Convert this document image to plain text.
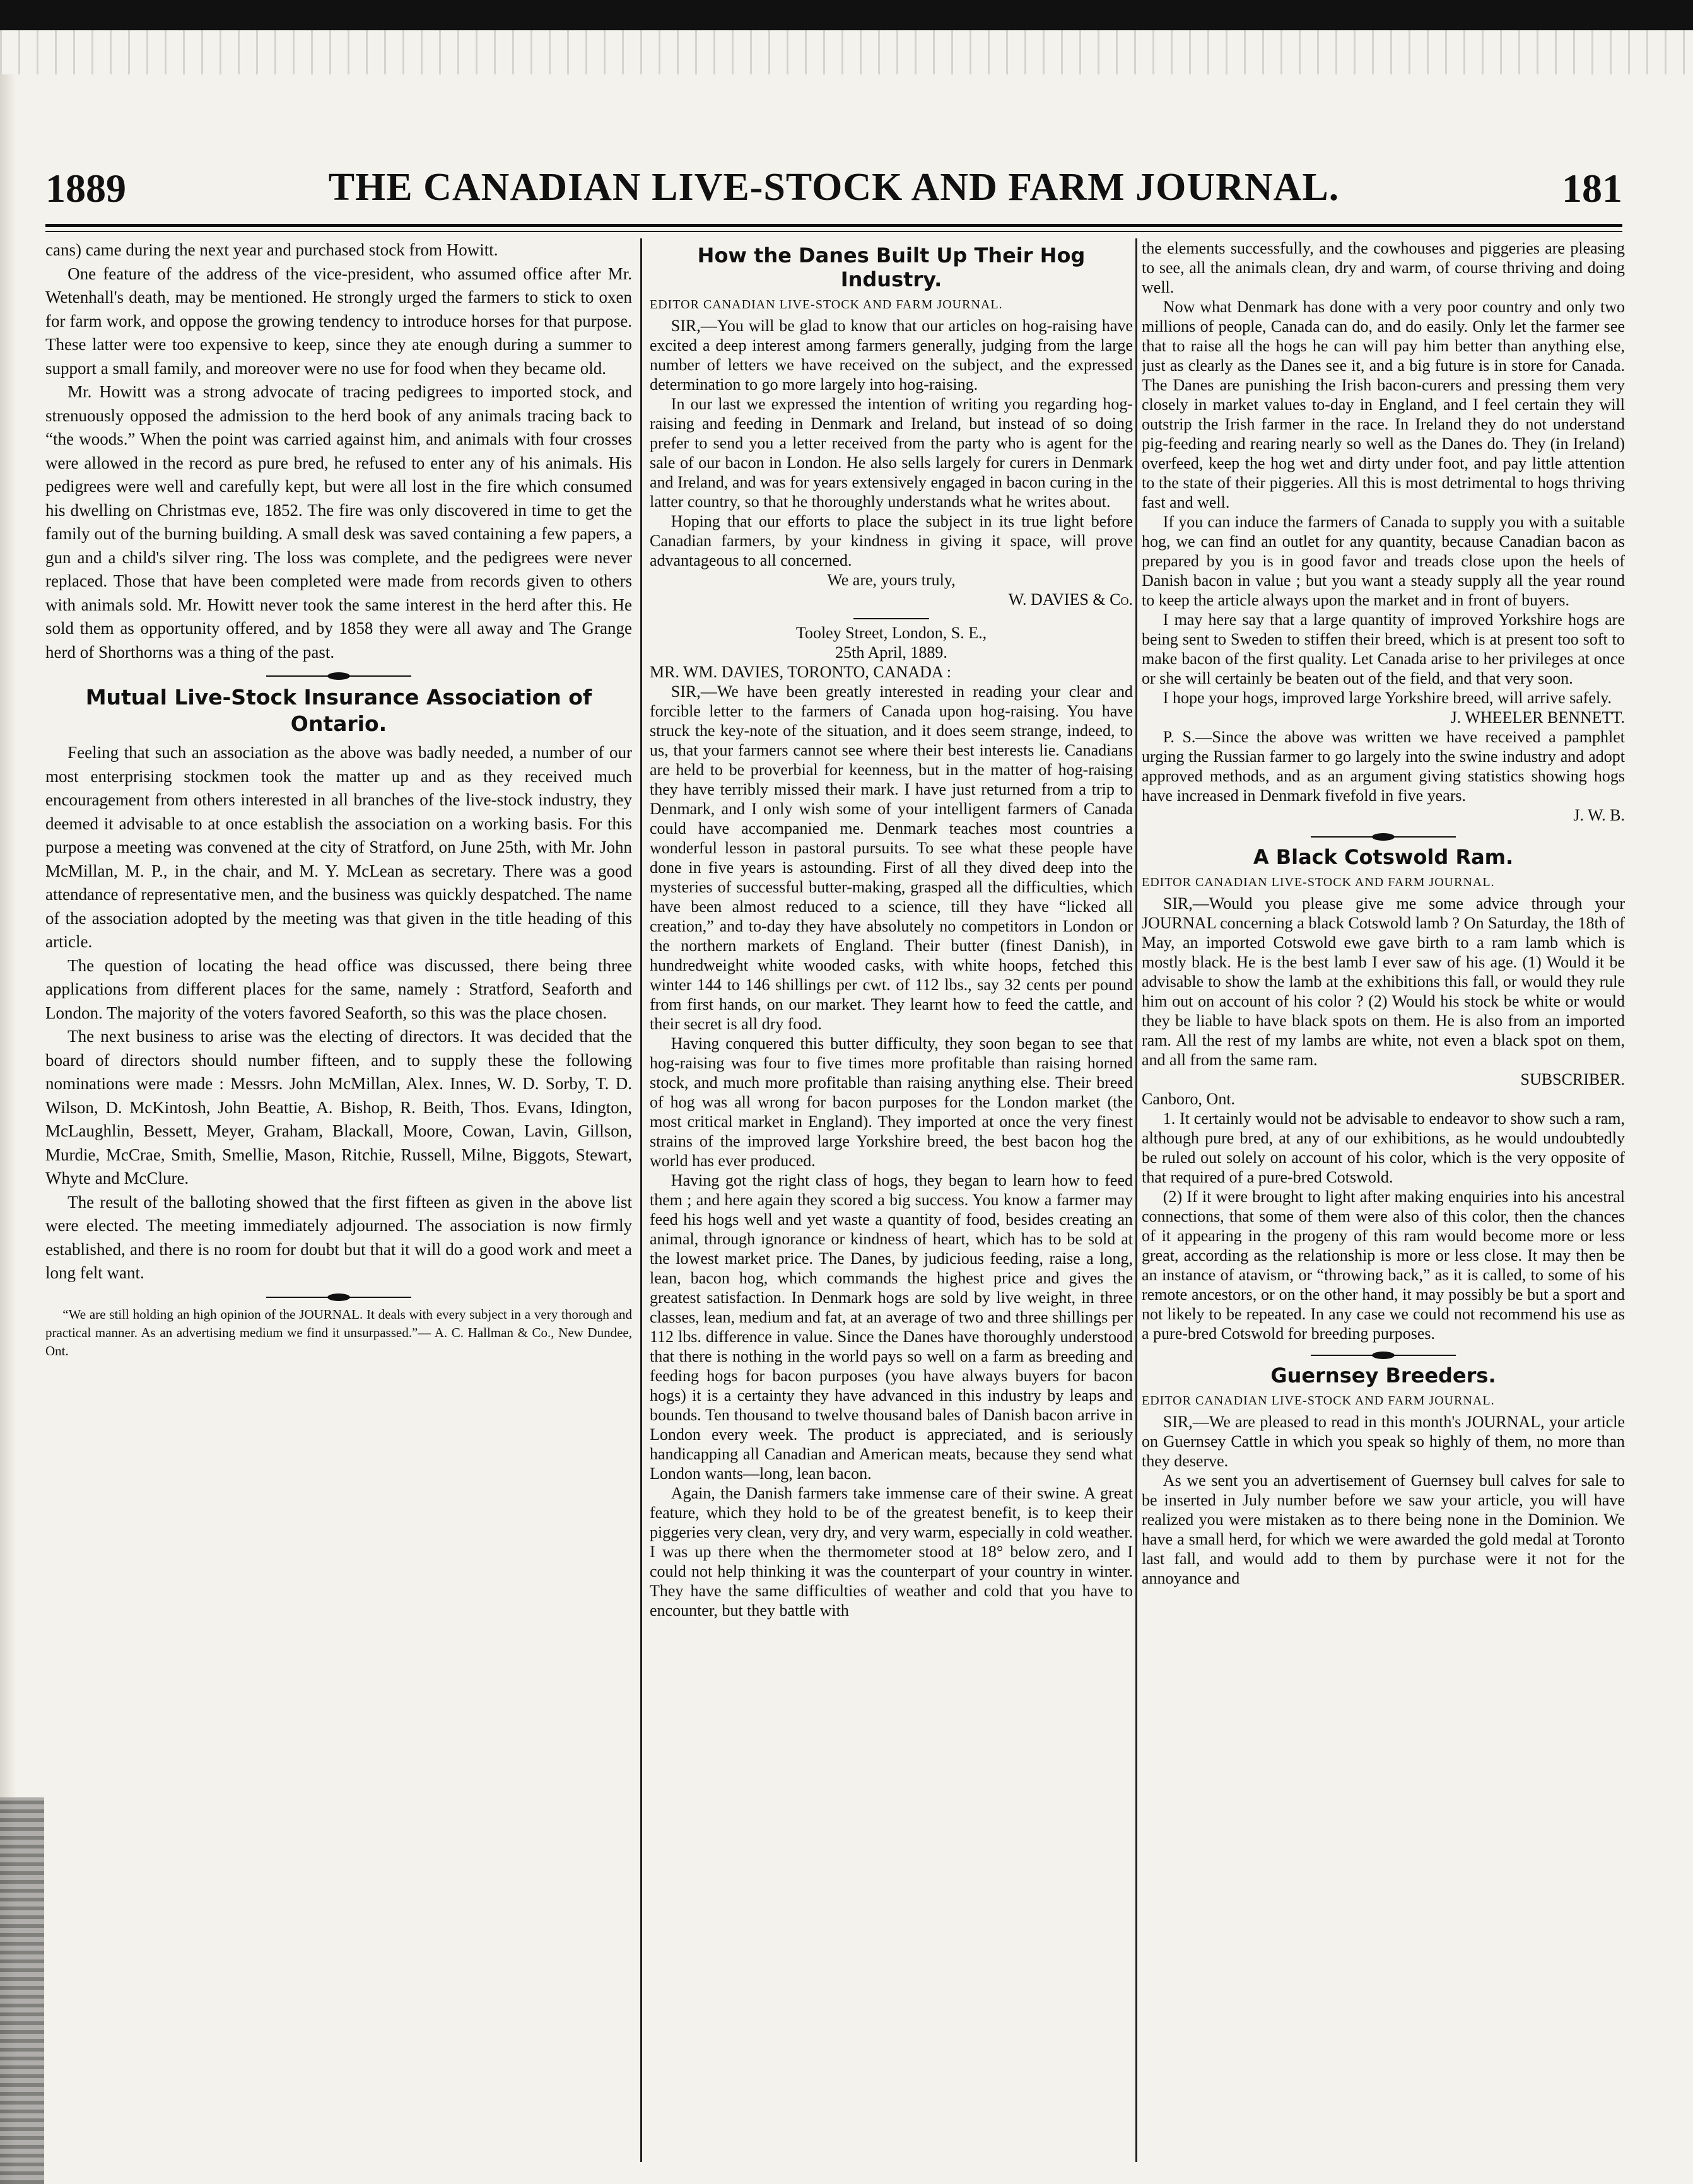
1889	THE CANADIAN LIVE-STOCK AND FARM JOURNAL.	181

cans) came during the next year and purchased stock from Howitt.

One feature of the address of the vice-president, who assumed office after Mr. Wetenhall's death, may be mentioned. He strongly urged the farmers to stick to oxen for farm work, and oppose the growing tendency to introduce horses for that purpose. These latter were too expensive to keep, since they ate enough during a summer to support a small family, and moreover were no use for food when they became old.

Mr. Howitt was a strong advocate of tracing pedigrees to imported stock, and strenuously opposed the admission to the herd book of any animals tracing back to “the woods.” When the point was carried against him, and animals with four crosses were allowed in the record as pure bred, he refused to enter any of his animals. His pedigrees were well and carefully kept, but were all lost in the fire which consumed his dwelling on Christmas eve, 1852. The fire was only discovered in time to get the family out of the burning building. A small desk was saved containing a few papers, a gun and a child's silver ring. The loss was complete, and the pedigrees were never replaced. Those that have been completed were made from records given to others with animals sold. Mr. Howitt never took the same interest in the herd after this. He sold them as opportunity offered, and by 1858 they were all away and The Grange herd of Shorthorns was a thing of the past.

Mutual Live-Stock Insurance Association of Ontario.

Feeling that such an association as the above was badly needed, a number of our most enterprising stockmen took the matter up and as they received much encouragement from others interested in all branches of the live-stock industry, they deemed it advisable to at once establish the association on a working basis. For this purpose a meeting was convened at the city of Stratford, on June 25th, with Mr. John McMillan, M. P., in the chair, and M. Y. McLean as secretary. There was a good attendance of representative men, and the business was quickly despatched. The name of the association adopted by the meeting was that given in the title heading of this article.

The question of locating the head office was discussed, there being three applications from different places for the same, namely : Stratford, Seaforth and London. The majority of the voters favored Seaforth, so this was the place chosen.

The next business to arise was the electing of directors. It was decided that the board of directors should number fifteen, and to supply these the following nominations were made : Messrs. John McMillan, Alex. Innes, W. D. Sorby, T. D. Wilson, D. McKintosh, John Beattie, A. Bishop, R. Beith, Thos. Evans, Idington, McLaughlin, Bessett, Meyer, Graham, Blackall, Moore, Cowan, Lavin, Gillson, Murdie, McCrae, Smith, Smellie, Mason, Ritchie, Russell, Milne, Biggots, Stewart, Whyte and McClure.

The result of the balloting showed that the first fifteen as given in the above list were elected. The meeting immediately adjourned. The association is now firmly established, and there is no room for doubt but that it will do a good work and meet a long felt want.

“We are still holding an high opinion of the JOURNAL. It deals with every subject in a very thorough and practical manner. As an advertising medium we find it unsurpassed.”— A. C. Hallman & Co., New Dundee, Ont.

How the Danes Built Up Their Hog Industry.

EDITOR CANADIAN LIVE-STOCK AND FARM JOURNAL.

SIR,—You will be glad to know that our articles on hog-raising have excited a deep interest among farmers generally, judging from the large number of letters we have received on the subject, and the expressed determination to go more largely into hog-raising.

In our last we expressed the intention of writing you regarding hog-raising and feeding in Denmark and Ireland, but instead of so doing prefer to send you a letter received from the party who is agent for the sale of our bacon in London. He also sells largely for curers in Denmark and Ireland, and was for years extensively engaged in bacon curing in the latter country, so that he thoroughly understands what he writes about.

Hoping that our efforts to place the subject in its true light before Canadian farmers, by your kindness in giving it space, will prove advantageous to all concerned.

We are, yours truly,

W. DAVIES & Co.

Tooley Street, London, S. E.,

25th April, 1889.

MR. WM. DAVIES, TORONTO, CANADA :

SIR,—We have been greatly interested in reading your clear and forcible letter to the farmers of Canada upon hog-raising. You have struck the key-note of the situation, and it does seem strange, indeed, to us, that your farmers cannot see where their best interests lie. Canadians are held to be proverbial for keenness, but in the matter of hog-raising they have terribly missed their mark. I have just returned from a trip to Denmark, and I only wish some of your intelligent farmers of Canada could have accompanied me. Denmark teaches most countries a wonderful lesson in pastoral pursuits. To see what these people have done in five years is astounding. First of all they dived deep into the mysteries of successful butter-making, grasped all the difficulties, which have been almost reduced to a science, till they have “licked all creation,” and to-day they have absolutely no competitors in London or the northern markets of England. Their butter (finest Danish), in hundredweight white wooded casks, with white hoops, fetched this winter 144 to 146 shillings per cwt. of 112 lbs., say 32 cents per pound from first hands, on our market. They learnt how to feed the cattle, and their secret is all dry food.

Having conquered this butter difficulty, they soon began to see that hog-raising was four to five times more profitable than raising horned stock, and much more profitable than raising anything else. Their breed of hog was all wrong for bacon purposes for the London market (the most critical market in England). They imported at once the very finest strains of the improved large Yorkshire breed, the best bacon hog the world has ever produced.

Having got the right class of hogs, they began to learn how to feed them ; and here again they scored a big success. You know a farmer may feed his hogs well and yet waste a quantity of food, besides creating an animal, through ignorance or kindness of heart, which has to be sold at the lowest market price. The Danes, by judicious feeding, raise a long, lean, bacon hog, which commands the highest price and gives the greatest satisfaction. In Denmark hogs are sold by live weight, in three classes, lean, medium and fat, at an average of two and three shillings per 112 lbs. difference in value. Since the Danes have thoroughly understood that there is nothing in the world pays so well on a farm as breeding and feeding hogs for bacon purposes (you have always buyers for bacon hogs) it is a certainty they have advanced in this industry by leaps and bounds. Ten thousand to twelve thousand bales of Danish bacon arrive in London every week. The product is appreciated, and is seriously handicapping all Canadian and American meats, because they send what London wants—long, lean bacon.

Again, the Danish farmers take immense care of their swine. A great feature, which they hold to be of the greatest benefit, is to keep their piggeries very clean, very dry, and very warm, especially in cold weather. I was up there when the thermometer stood at 18° below zero, and I could not help thinking it was the counterpart of your country in winter. They have the same difficulties of weather and cold that you have to encounter, but they battle with

the elements successfully, and the cowhouses and piggeries are pleasing to see, all the animals clean, dry and warm, of course thriving and doing well.

Now what Denmark has done with a very poor country and only two millions of people, Canada can do, and do easily. Only let the farmer see that to raise all the hogs he can will pay him better than anything else, just as clearly as the Danes see it, and a big future is in store for Canada. The Danes are punishing the Irish bacon-curers and pressing them very closely in market values to-day in England, and I feel certain they will outstrip the Irish farmer in the race. In Ireland they do not understand pig-feeding and rearing nearly so well as the Danes do. They (in Ireland) overfeed, keep the hog wet and dirty under foot, and pay little attention to the state of their piggeries. All this is most detrimental to hogs thriving fast and well.

If you can induce the farmers of Canada to supply you with a suitable hog, we can find an outlet for any quantity, because Canadian bacon as prepared by you is in good favor and treads close upon the heels of Danish bacon in value ; but you want a steady supply all the year round to keep the article always upon the market and in front of buyers.

I may here say that a large quantity of improved Yorkshire hogs are being sent to Sweden to stiffen their breed, which is at present too soft to make bacon of the first quality. Let Canada arise to her privileges at once or she will certainly be beaten out of the field, and that very soon.

I hope your hogs, improved large Yorkshire breed, will arrive safely.

J. WHEELER BENNETT.

P. S.—Since the above was written we have received a pamphlet urging the Russian farmer to go largely into the swine industry and adopt approved methods, and as an argument giving statistics showing hogs have increased in Denmark fivefold in five years.

J. W. B.

A Black Cotswold Ram.

EDITOR CANADIAN LIVE-STOCK AND FARM JOURNAL.

SIR,—Would you please give me some advice through your JOURNAL concerning a black Cotswold lamb ? On Saturday, the 18th of May, an imported Cotswold ewe gave birth to a ram lamb which is mostly black. He is the best lamb I ever saw of his age. (1) Would it be advisable to show the lamb at the exhibitions this fall, or would they rule him out on account of his color ? (2) Would his stock be white or would they be liable to have black spots on them. He is also from an imported ram. All the rest of my lambs are white, not even a black spot on them, and all from the same ram.

SUBSCRIBER.

Canboro, Ont.

1. It certainly would not be advisable to endeavor to show such a ram, although pure bred, at any of our exhibitions, as he would undoubtedly be ruled out solely on account of his color, which is the very opposite of that required of a pure-bred Cotswold.

(2) If it were brought to light after making enquiries into his ancestral connections, that some of them were also of this color, then the chances of it appearing in the progeny of this ram would become more or less great, according as the relationship is more or less close. It may then be an instance of atavism, or “throwing back,” as it is called, to some of his remote ancestors, or on the other hand, it may possibly be but a sport and not likely to be repeated. In any case we could not recommend his use as a pure-bred Cotswold for breeding purposes.

Guernsey Breeders.

EDITOR CANADIAN LIVE-STOCK AND FARM JOURNAL.

SIR,—We are pleased to read in this month's JOURNAL, your article on Guernsey Cattle in which you speak so highly of them, no more than they deserve.

As we sent you an advertisement of Guernsey bull calves for sale to be inserted in July number before we saw your article, you will have realized you were mistaken as to there being none in the Dominion. We have a small herd, for which we were awarded the gold medal at Toronto last fall, and would add to them by purchase were it not for the annoyance and
